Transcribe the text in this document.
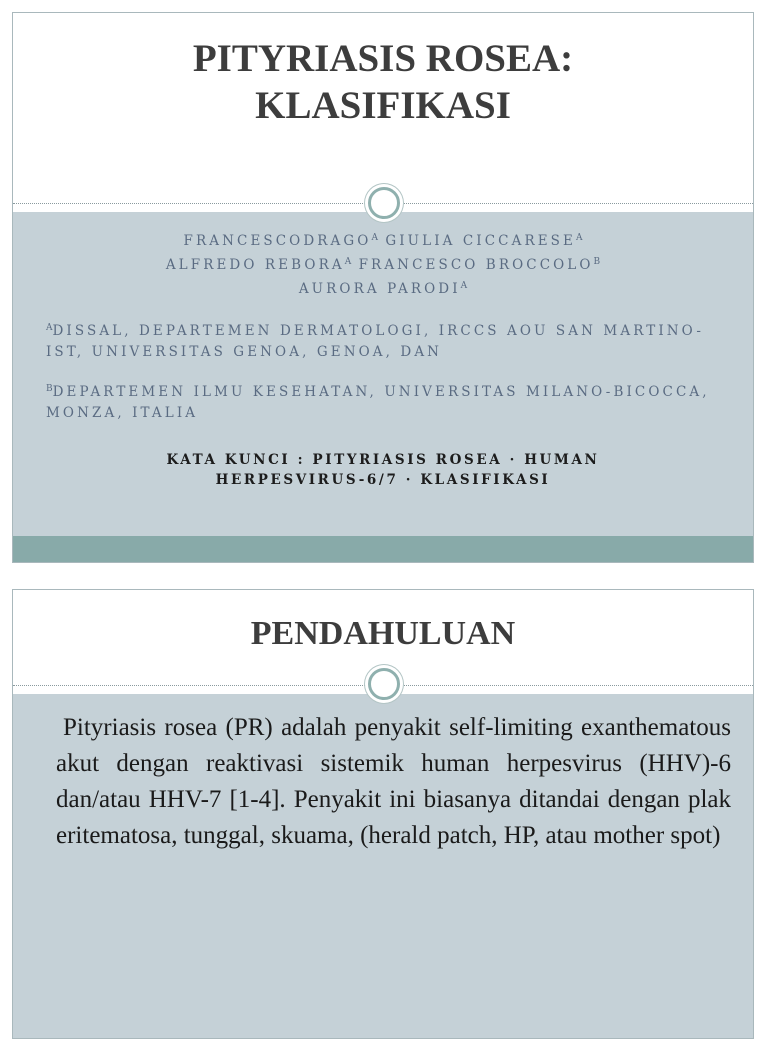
PITYRIASIS ROSEA:
KLASIFIKASI
$FRANCESCODRAGO^A$ GIULIA $CICCARESE^A$
ALFREDO $REBORA^A$ FRANCESCO $BROCCOLO^B$
AURORA $PARODI^A$
$^A$DISSAL, DEPARTEMEN DERMATOLOGI, IRCCS AOU SAN MARTINO-IST, UNIVERSITAS GENOA, GENOA, DAN
$^B$DEPARTEMEN ILMU KESEHATAN, UNIVERSITAS MILANO-BICOCCA, MONZA, ITALIA
KATA KUNCI : PITYRIASIS ROSEA · HUMAN
HERPESVIRUS-6/7 · KLASIFIKASI
PENDAHULUAN

Pityriasis rosea (PR) adalah penyakit self-limiting exanthematous akut dengan reaktivasi sistemik human herpesvirus (HHV)-6 dan/atau HHV-7 [1-4]. Penyakit ini biasanya ditandai dengan plak eritematosa, tunggal, skuama, (herald patch, HP, atau mother spot)
